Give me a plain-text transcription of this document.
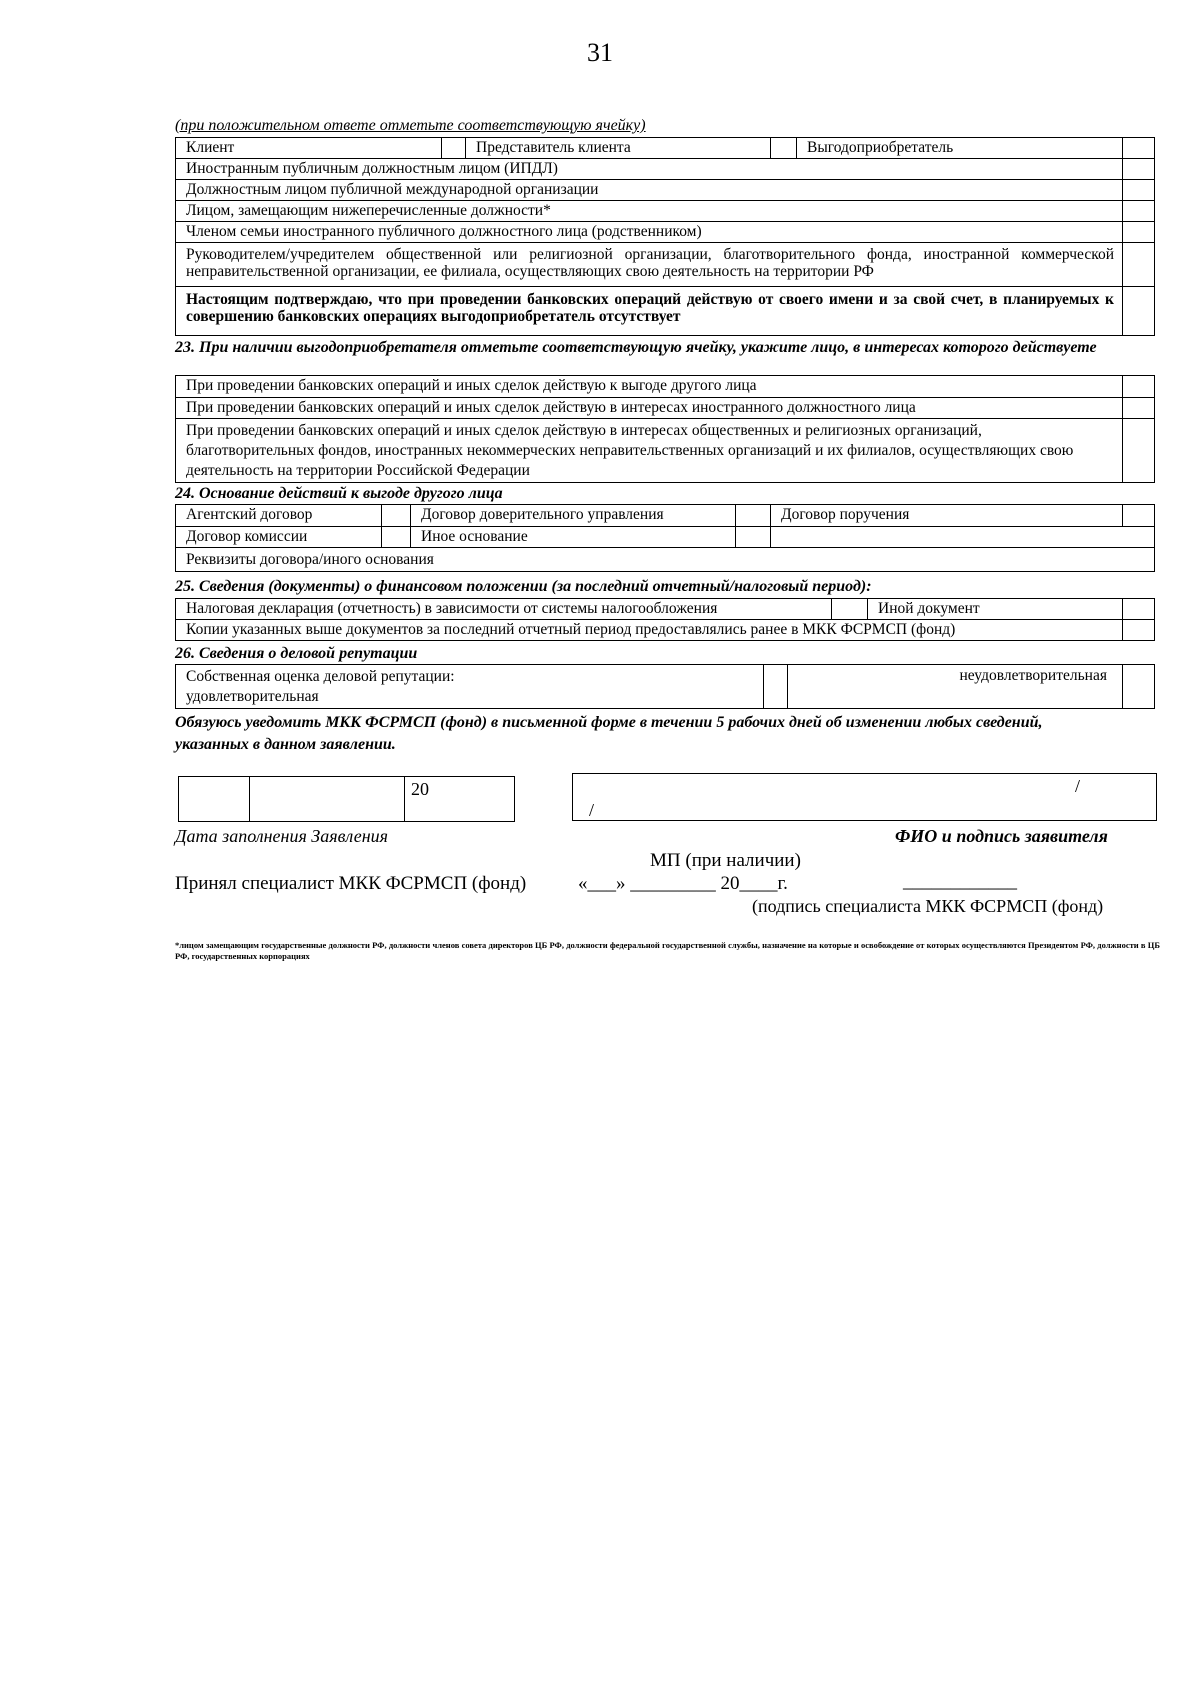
31
(при положительном ответе отметьте соответствующую ячейку)
Клиент	Представитель клиента	Выгодоприобретатель
Иностранным публичным должностным лицом (ИПДЛ)
Должностным лицом публичной международной организации
Лицом, замещающим нижеперечисленные должности*
Членом семьи иностранного публичного должностного лица (родственником)
Руководителем/учредителем общественной или религиозной организации, благотворительного фонда, иностранной коммерческой неправительственной организации, ее филиала, осуществляющих свою деятельность на территории РФ
Настоящим подтверждаю, что при проведении банковских операций действую от своего имени и за свой счет, в планируемых к совершению банковских операциях выгодоприобретатель отсутствует
23. При наличии выгодоприобретателя отметьте соответствующую ячейку, укажите лицо, в интересах которого действуете
При проведении банковских операций и иных сделок действую к выгоде другого лица
При проведении банковских операций и иных сделок действую в интересах иностранного должностного лица
При проведении банковских операций и иных сделок действую в интересах общественных и религиозных организаций, благотворительных фондов, иностранных некоммерческих неправительственных организаций и их филиалов, осуществляющих свою деятельность на территории Российской Федерации
24. Основание действий к выгоде другого лица
Агентский договор	Договор доверительного управления	Договор поручения
Договор комиссии	Иное основание
Реквизиты договора/иного основания
25. Сведения (документы) о финансовом положении (за последний отчетный/налоговый период):
Налоговая декларация (отчетность) в зависимости от системы налогообложения	Иной документ
Копии указанных выше документов за последний отчетный период предоставлялись ранее в МКК ФСРМСП (фонд)
26. Сведения о деловой репутации
Собственная оценка деловой репутации:
удовлетворительная
неудовлетворительная
Обязуюсь уведомить МКК ФСРМСП (фонд) в письменной форме в течении 5 рабочих дней об изменении любых сведений, указанных в данном заявлении.
20	/
/
Дата заполнения Заявления	ФИО и подпись заявителя
МП (при наличии)
Принял специалист МКК ФСРМСП (фонд)	«___» _________ 20____г.	____________
(подпись специалиста МКК ФСРМСП (фонд)
*лицом замещающим государственные должности РФ, должности членов совета директоров ЦБ РФ, должности федеральной государственной службы, назначение на которые и освобождение от которых осуществляются Президентом РФ, должности в ЦБ РФ, государственных корпорациях
